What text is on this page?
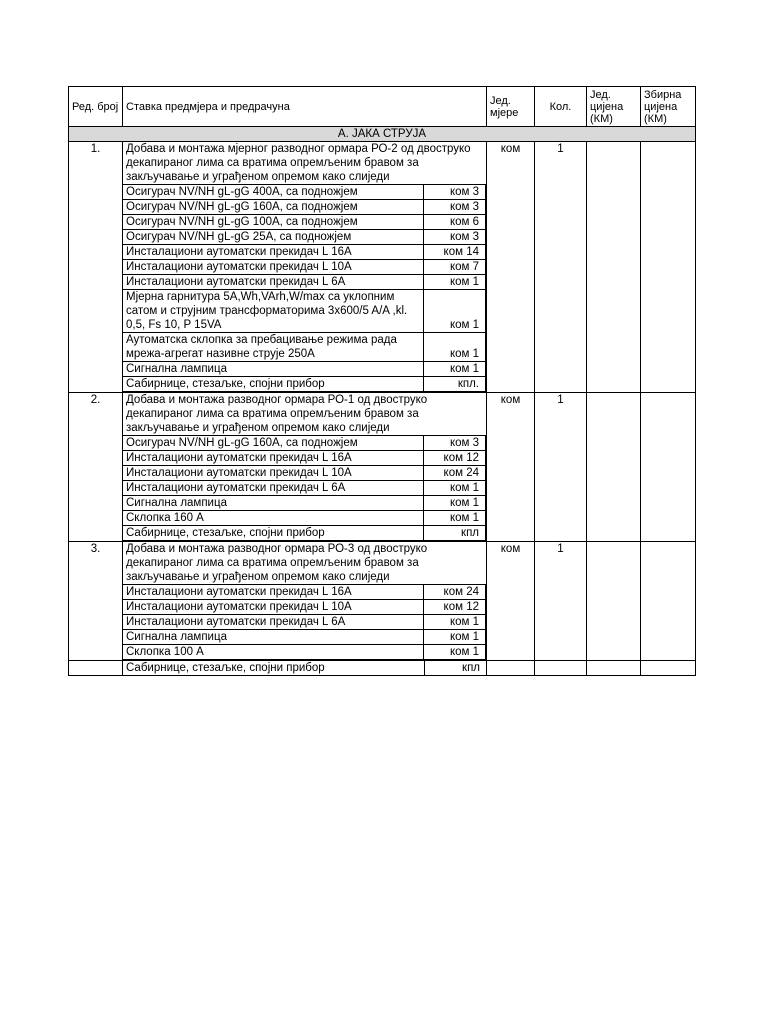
Ред. број	Ставка предмјера и предрачуна	Јед. мјере	Кол.	Јед. цијена (КМ)	Збирна цијена (КМ)
А. ЈАКА СТРУЈА
1.	Добава и монтажа мјерног разводног ормара РО-2 од двоструко декапираног лима са вратима опремљеним бравом за закључавање и уграђеном опремом како слиједи
Осигурач NV/NH gL-gG 400A, са подножјем	ком 3
Осигурач NV/NH gL-gG 160A, са подножјем	ком 3
Осигурач NV/NH gL-gG 100A, са подножјем	ком 6
Осигурач NV/NH gL-gG 25A, са подножјем	ком 3
Инсталациони аутоматски прекидач L 16A	ком 14
Инсталациони аутоматски прекидач L 10A	ком 7
Инсталациони аутоматски прекидач L 6A	ком 1
Мјерна гарнитура 5A,Wh,VArh,W/max са уклопним сатом и струјним трансформаторима 3x600/5 A/A ,kl. 0,5, Fs 10, P 15VA	ком 1
Аутоматска склопка за пребацивање режима рада мрежа-агрегат називне струје 250A	ком 1
Сигнална лампица	ком 1
Сабирнице, стезаљке, спојни прибор	кпл.
	ком	1		
2.	Добава и монтажа разводног ормара РО-1 од двоструко декапираног лима са вратима опремљеним бравом за закључавање и уграђеном опремом како слиједи
Осигурач NV/NH gL-gG 160A, са подножјем	ком 3
Инсталациони аутоматски прекидач L 16A	ком 12
Инсталациони аутоматски прекидач L 10A	ком 24
Инсталациони аутоматски прекидач L 6A	ком 1
Сигнална лампица	ком 1
Склопка 160 A	ком 1
Сабирнице, стезаљке, спојни прибор	кпл
	ком	1		
3.	Добава и монтажа разводног ормара РО-3 од двоструко декапираног лима са вратима опремљеним бравом за закључавање и уграђеном опремом како слиједи
Инсталациони аутоматски прекидач L 16A	ком 24
Инсталациони аутоматски прекидач L 10A	ком 12
Инсталациони аутоматски прекидач L 6A	ком 1
Сигнална лампица	ком 1
Склопка 100 A	ком 1
	ком	1		

Сабирнице, стезаљке, спојни прибор	кпл
